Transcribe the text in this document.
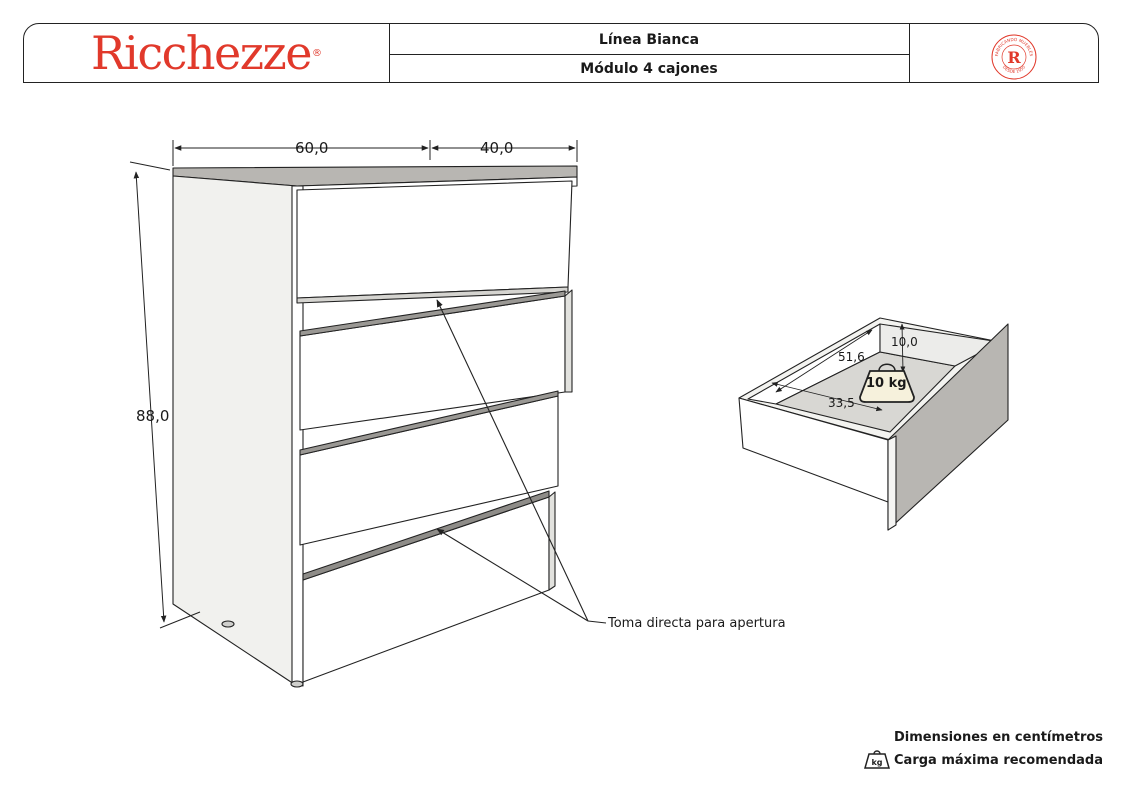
Ricchezze ®
Línea Bianca
Módulo 4 cajones
FABRICANDO MUEBLES
DESDE 1950
R
60,0	40,0
88,0
Toma directa para apertura
51,6
10,0
33,5
10 kg
Dimensiones en centímetros
kg Carga máxima recomendada
